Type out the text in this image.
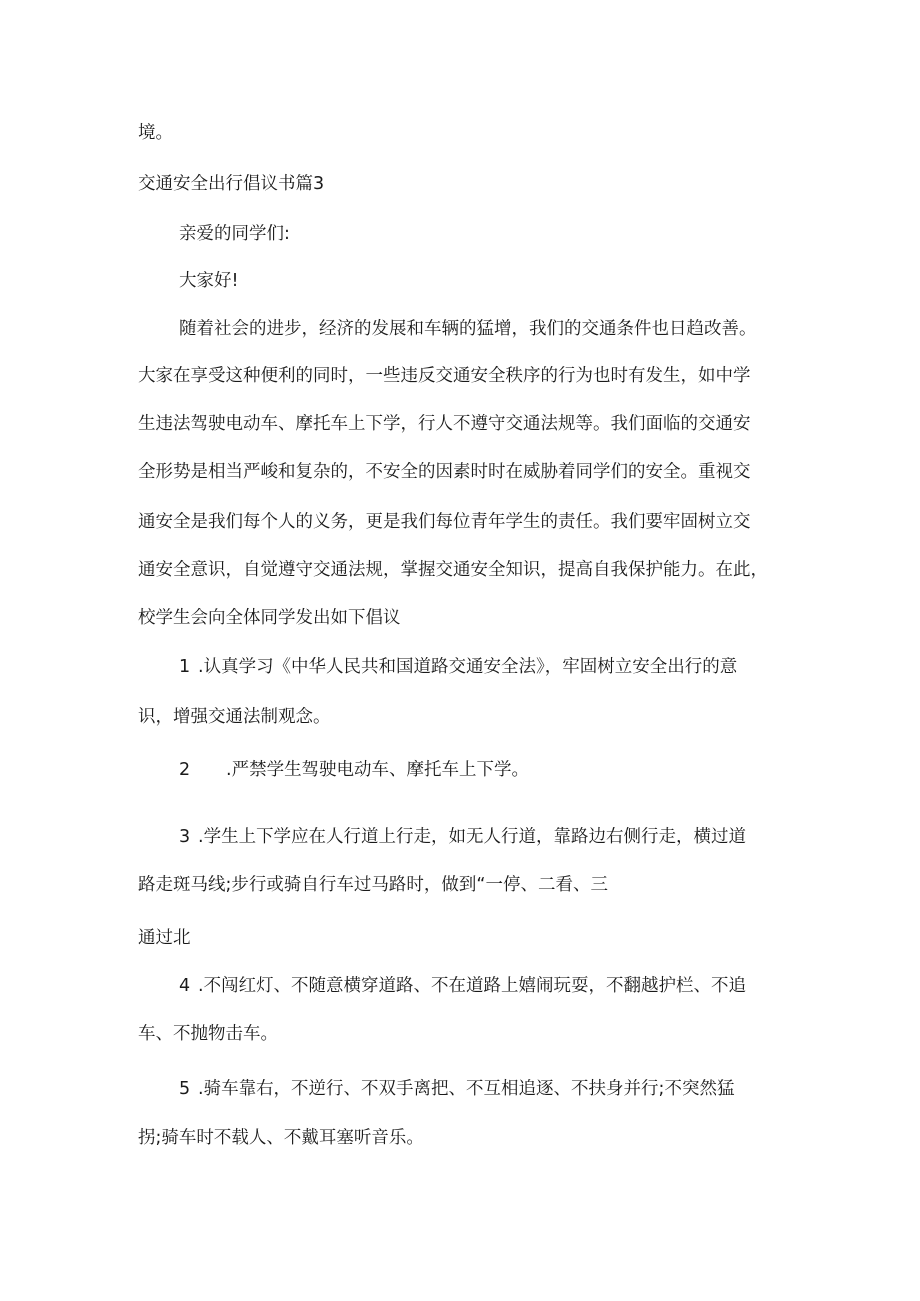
境。

交通安全出行倡议书篇3

亲爱的同学们:

大家好!

随着社会的进步，经济的发展和车辆的猛增，我们的交通条件也日趋改善。

大家在享受这种便利的同时，一些违反交通安全秩序的行为也时有发生，如中学

生违法驾驶电动车、摩托车上下学，行人不遵守交通法规等。我们面临的交通安

全形势是相当严峻和复杂的，不安全的因素时时在威胁着同学们的安全。重视交

通安全是我们每个人的义务，更是我们每位青年学生的责任。我们要牢固树立交

通安全意识，自觉遵守交通法规，掌握交通安全知识，提高自我保护能力。在此，

校学生会向全体同学发出如下倡议

1 .认真学习《中华人民共和国道路交通安全法》，牢固树立安全出行的意

识，增强交通法制观念。

2 .严禁学生驾驶电动车、摩托车上下学。
3 .学生上下学应在人行道上行走，如无人行道，靠路边右侧行走，横过道

路走斑马线;步行或骑自行车过马路时，做到“一停、二看、三

通过北

4 .不闯红灯、不随意横穿道路、不在道路上嬉闹玩耍，不翻越护栏、不追

车、不抛物击车。

5 .骑车靠右，不逆行、不双手离把、不互相追逐、不扶身并行;不突然猛

拐;骑车时不载人、不戴耳塞听音乐。
